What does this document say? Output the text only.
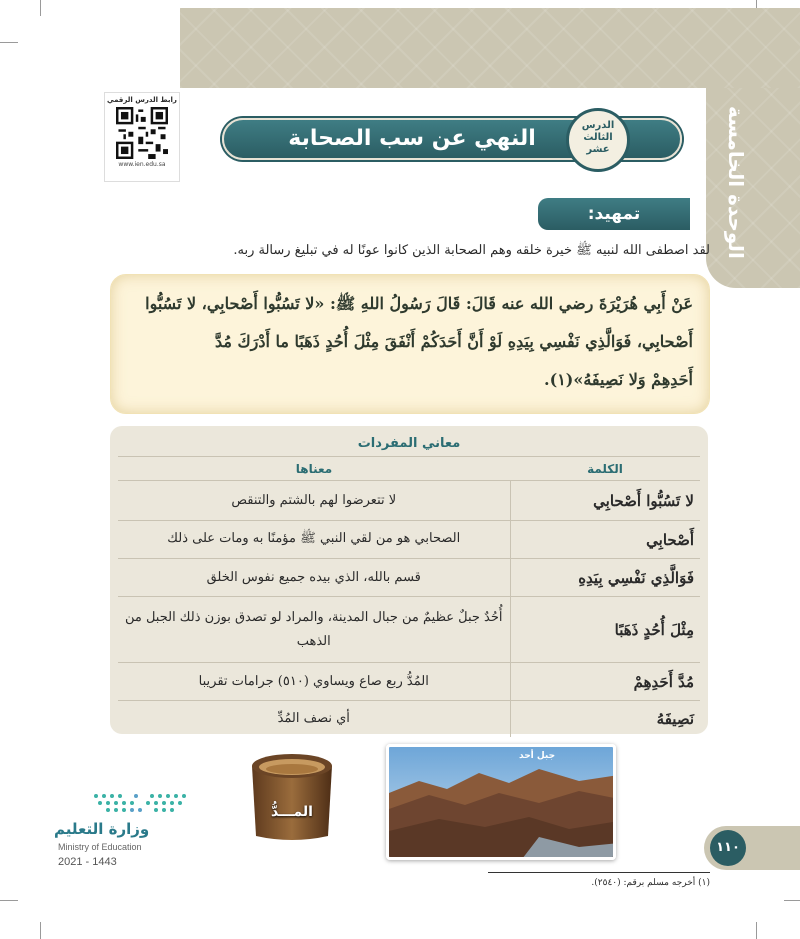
الوحدة الخامسة
رابط الدرس الرقمي
www.ien.edu.sa
النهي عن سب الصحابة
الدرس
الثالث
عشر
تمهيد:
لقد اصطفى الله لنبيه ﷺ خيرة خلقه وهم الصحابة الذين كانوا عونًا له في تبليغ رسالة ربه.
عَنْ أَبِي هُرَيْرَةَ رضي الله عنه قَالَ: قَالَ رَسُولُ اللهِ ﷺ: «لا تَسُبُّوا أَصْحابِي، لا تَسُبُّوا
أَصْحابِي، فَوَالَّذِي نَفْسِي بِيَدِهِ لَوْ أَنَّ أَحَدَكُمْ أَنْفَقَ مِثْلَ أُحُدٍ ذَهَبًا ما أَدْرَكَ مُدَّ
أَحَدِهِمْ وَلا نَصِيفَهُ»(١).
معاني المفردات
الكلمة	معناها
لا تَسُبُّوا أَصْحابِي	لا تتعرضوا لهم بالشتم والتنقص
أَصْحابِي	الصحابي هو من لقي النبي ﷺ مؤمنًا به ومات على ذلك
فَوَالَّذِي نَفْسِي بِيَدِهِ	قسم بالله، الذي بيده جميع نفوس الخلق
مِثْلَ أُحُدٍ ذَهَبًا	أُحُدٌ جبلٌ عظيمٌ من جبال المدينة، والمراد لو تصدق بوزن ذلك الجبل من الذهب
مُدَّ أَحَدِهِمْ	المُدُّ ربع صاع ويساوي (٥١٠) جرامات تقريبا
نَصِيفَهُ	أي نصف المُدِّ
وزارة التعليم
Ministry of Education
2021 - 1443
المـــدُّ
جبل أحد
١١٠
(١) أخرجه مسلم برقم: (٢٥٤٠).
